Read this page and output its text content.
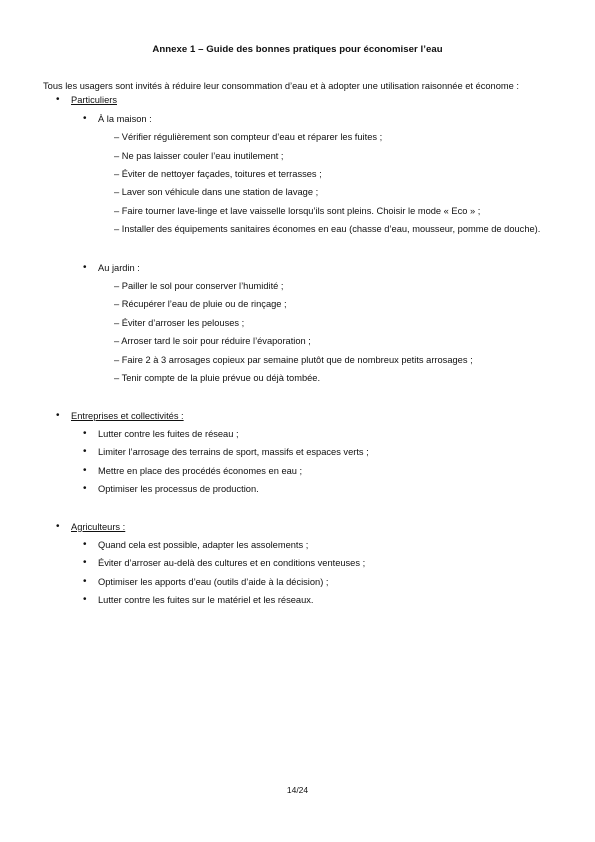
Annexe 1 – Guide des bonnes pratiques pour économiser l’eau

Tous les usagers sont invités à réduire leur consommation d’eau et à adopter une utilisation raisonnée et économe :

• Particuliers
• À la maison :
– Vérifier régulièrement son compteur d’eau et réparer les fuites ;
– Ne pas laisser couler l’eau inutilement ;
– Éviter de nettoyer façades, toitures et terrasses ;
– Laver son véhicule dans une station de lavage ;
– Faire tourner lave-linge et lave vaisselle lorsqu’ils sont pleins. Choisir le mode « Eco » ;
– Installer des équipements sanitaires économes en eau (chasse d’eau, mousseur, pomme de douche).
• Au jardin :
– Pailler le sol pour conserver l’humidité ;
– Récupérer l’eau de pluie ou de rinçage ;
– Éviter d’arroser les pelouses ;
– Arroser tard le soir pour réduire l’évaporation ;
– Faire 2 à 3 arrosages copieux par semaine plutôt que de nombreux petits arrosages ;
– Tenir compte de la pluie prévue ou déjà tombée.
• Entreprises et collectivités :
• Lutter contre les fuites de réseau ;
• Limiter l’arrosage des terrains de sport, massifs et espaces verts ;
• Mettre en place des procédés économes en eau ;
• Optimiser les processus de production.
• Agriculteurs :
• Quand cela est possible, adapter les assolements ;
• Éviter d’arroser au-delà des cultures et en conditions venteuses ;
• Optimiser les apports d’eau (outils d’aide à la décision) ;
• Lutter contre les fuites sur le matériel et les réseaux.
14/24
